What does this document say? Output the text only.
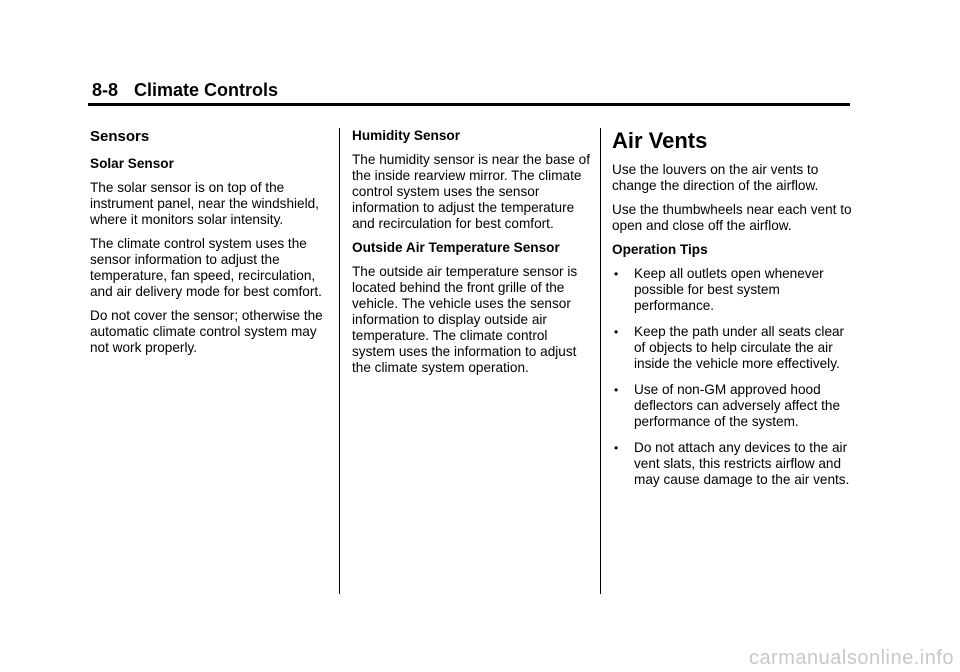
8-8 Climate Controls
Sensors
Solar Sensor
The solar sensor is on top of the instrument panel, near the windshield, where it monitors solar intensity.
The climate control system uses the sensor information to adjust the temperature, fan speed, recirculation, and air delivery mode for best comfort.
Do not cover the sensor; otherwise the automatic climate control system may not work properly.
Humidity Sensor
The humidity sensor is near the base of the inside rearview mirror. The climate control system uses the sensor information to adjust the temperature and recirculation for best comfort.
Outside Air Temperature Sensor
The outside air temperature sensor is located behind the front grille of the vehicle. The vehicle uses the sensor information to display outside air temperature. The climate control system uses the information to adjust the climate system operation.
Air Vents
Use the louvers on the air vents to change the direction of the airflow.
Use the thumbwheels near each vent to open and close off the airflow.
Operation Tips
• Keep all outlets open whenever possible for best system performance.
• Keep the path under all seats clear of objects to help circulate the air inside the vehicle more effectively.
• Use of non-GM approved hood deflectors can adversely affect the performance of the system.
• Do not attach any devices to the air vent slats, this restricts airflow and may cause damage to the air vents.
carmanualsonline.info
